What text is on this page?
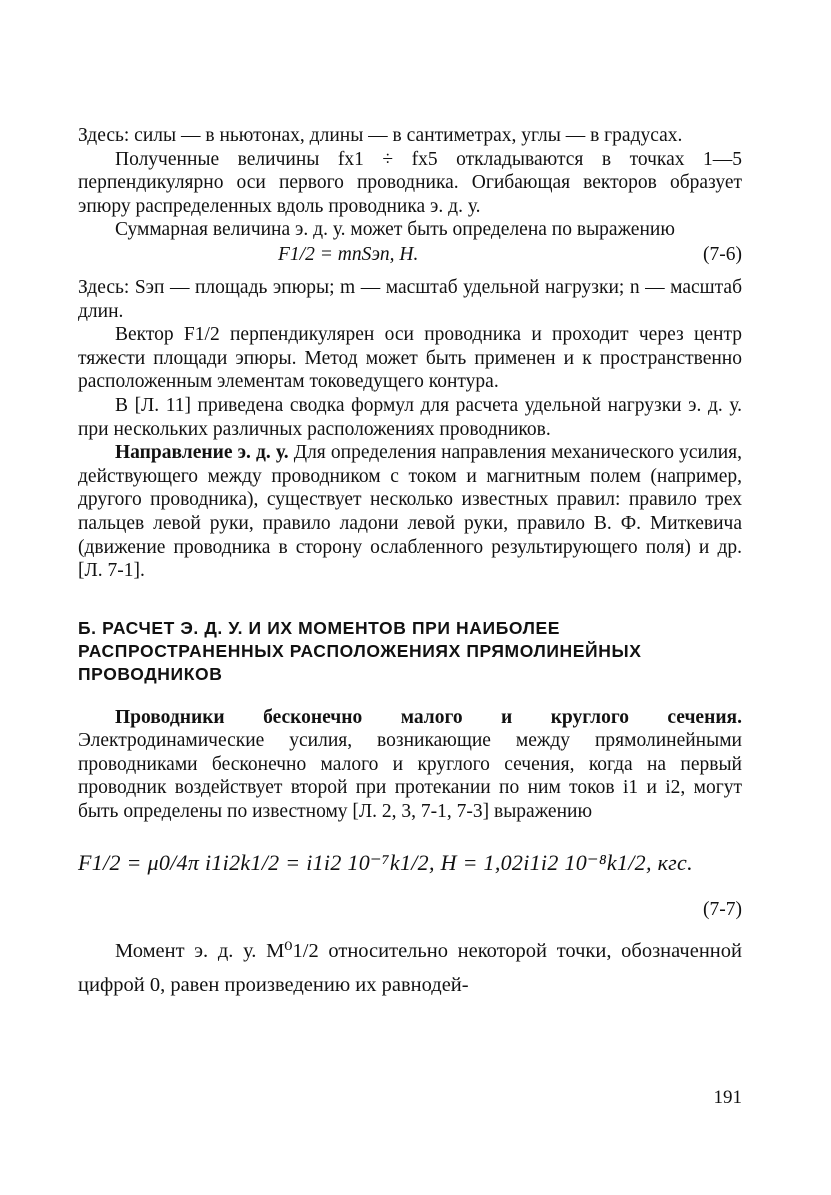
Здесь: силы — в ньютонах, длины — в сантиметрах, углы — в градусах.

Полученные величины fx1 ÷ fx5 откладываются в точках 1—5 перпендикулярно оси первого проводника. Огибающая векторов образует эпюру распределенных вдоль проводника э. д. у.

Суммарная величина э. д. у. может быть определена по выражению

F1/2 = mnSэп, Н.	(7-6)

Здесь: Sэп — площадь эпюры; m — масштаб удельной нагрузки; n — масштаб длин.

Вектор F1/2 перпендикулярен оси проводника и проходит через центр тяжести площади эпюры. Метод может быть применен и к пространственно расположенным элементам токоведущего контура.

В [Л. 11] приведена сводка формул для расчета удельной нагрузки э. д. у. при нескольких различных расположениях проводников.

Направление э. д. у. Для определения направления механического усилия, действующего между проводником с током и магнитным полем (например, другого проводника), существует несколько известных правил: правило трех пальцев левой руки, правило ладони левой руки, правило В. Ф. Миткевича (движение проводника в сторону ослабленного результирующего поля) и др. [Л. 7-1].

Б. РАСЧЕТ Э. Д. У. И ИХ МОМЕНТОВ ПРИ НАИБОЛЕЕ РАСПРОСТРАНЕННЫХ РАСПОЛОЖЕНИЯХ ПРЯМОЛИНЕЙНЫХ ПРОВОДНИКОВ

Проводники бесконечно малого и круглого сечения. Электродинамические усилия, возникающие между прямолинейными проводниками бесконечно малого и круглого сечения, когда на первый проводник воздействует второй при протекании по ним токов i1 и i2, могут быть определены по известному [Л. 2, 3, 7-1, 7-3] выражению

F1/2 = μ0/4π i1i2k1/2 = i1i2 10⁻⁷k1/2, Н = 1,02i1i2 10⁻⁸k1/2, кгс.
(7-7)

Момент э. д. у. M⁰1/2 относительно некоторой точки, обозначенной цифрой 0, равен произведению их равнодей-

191
